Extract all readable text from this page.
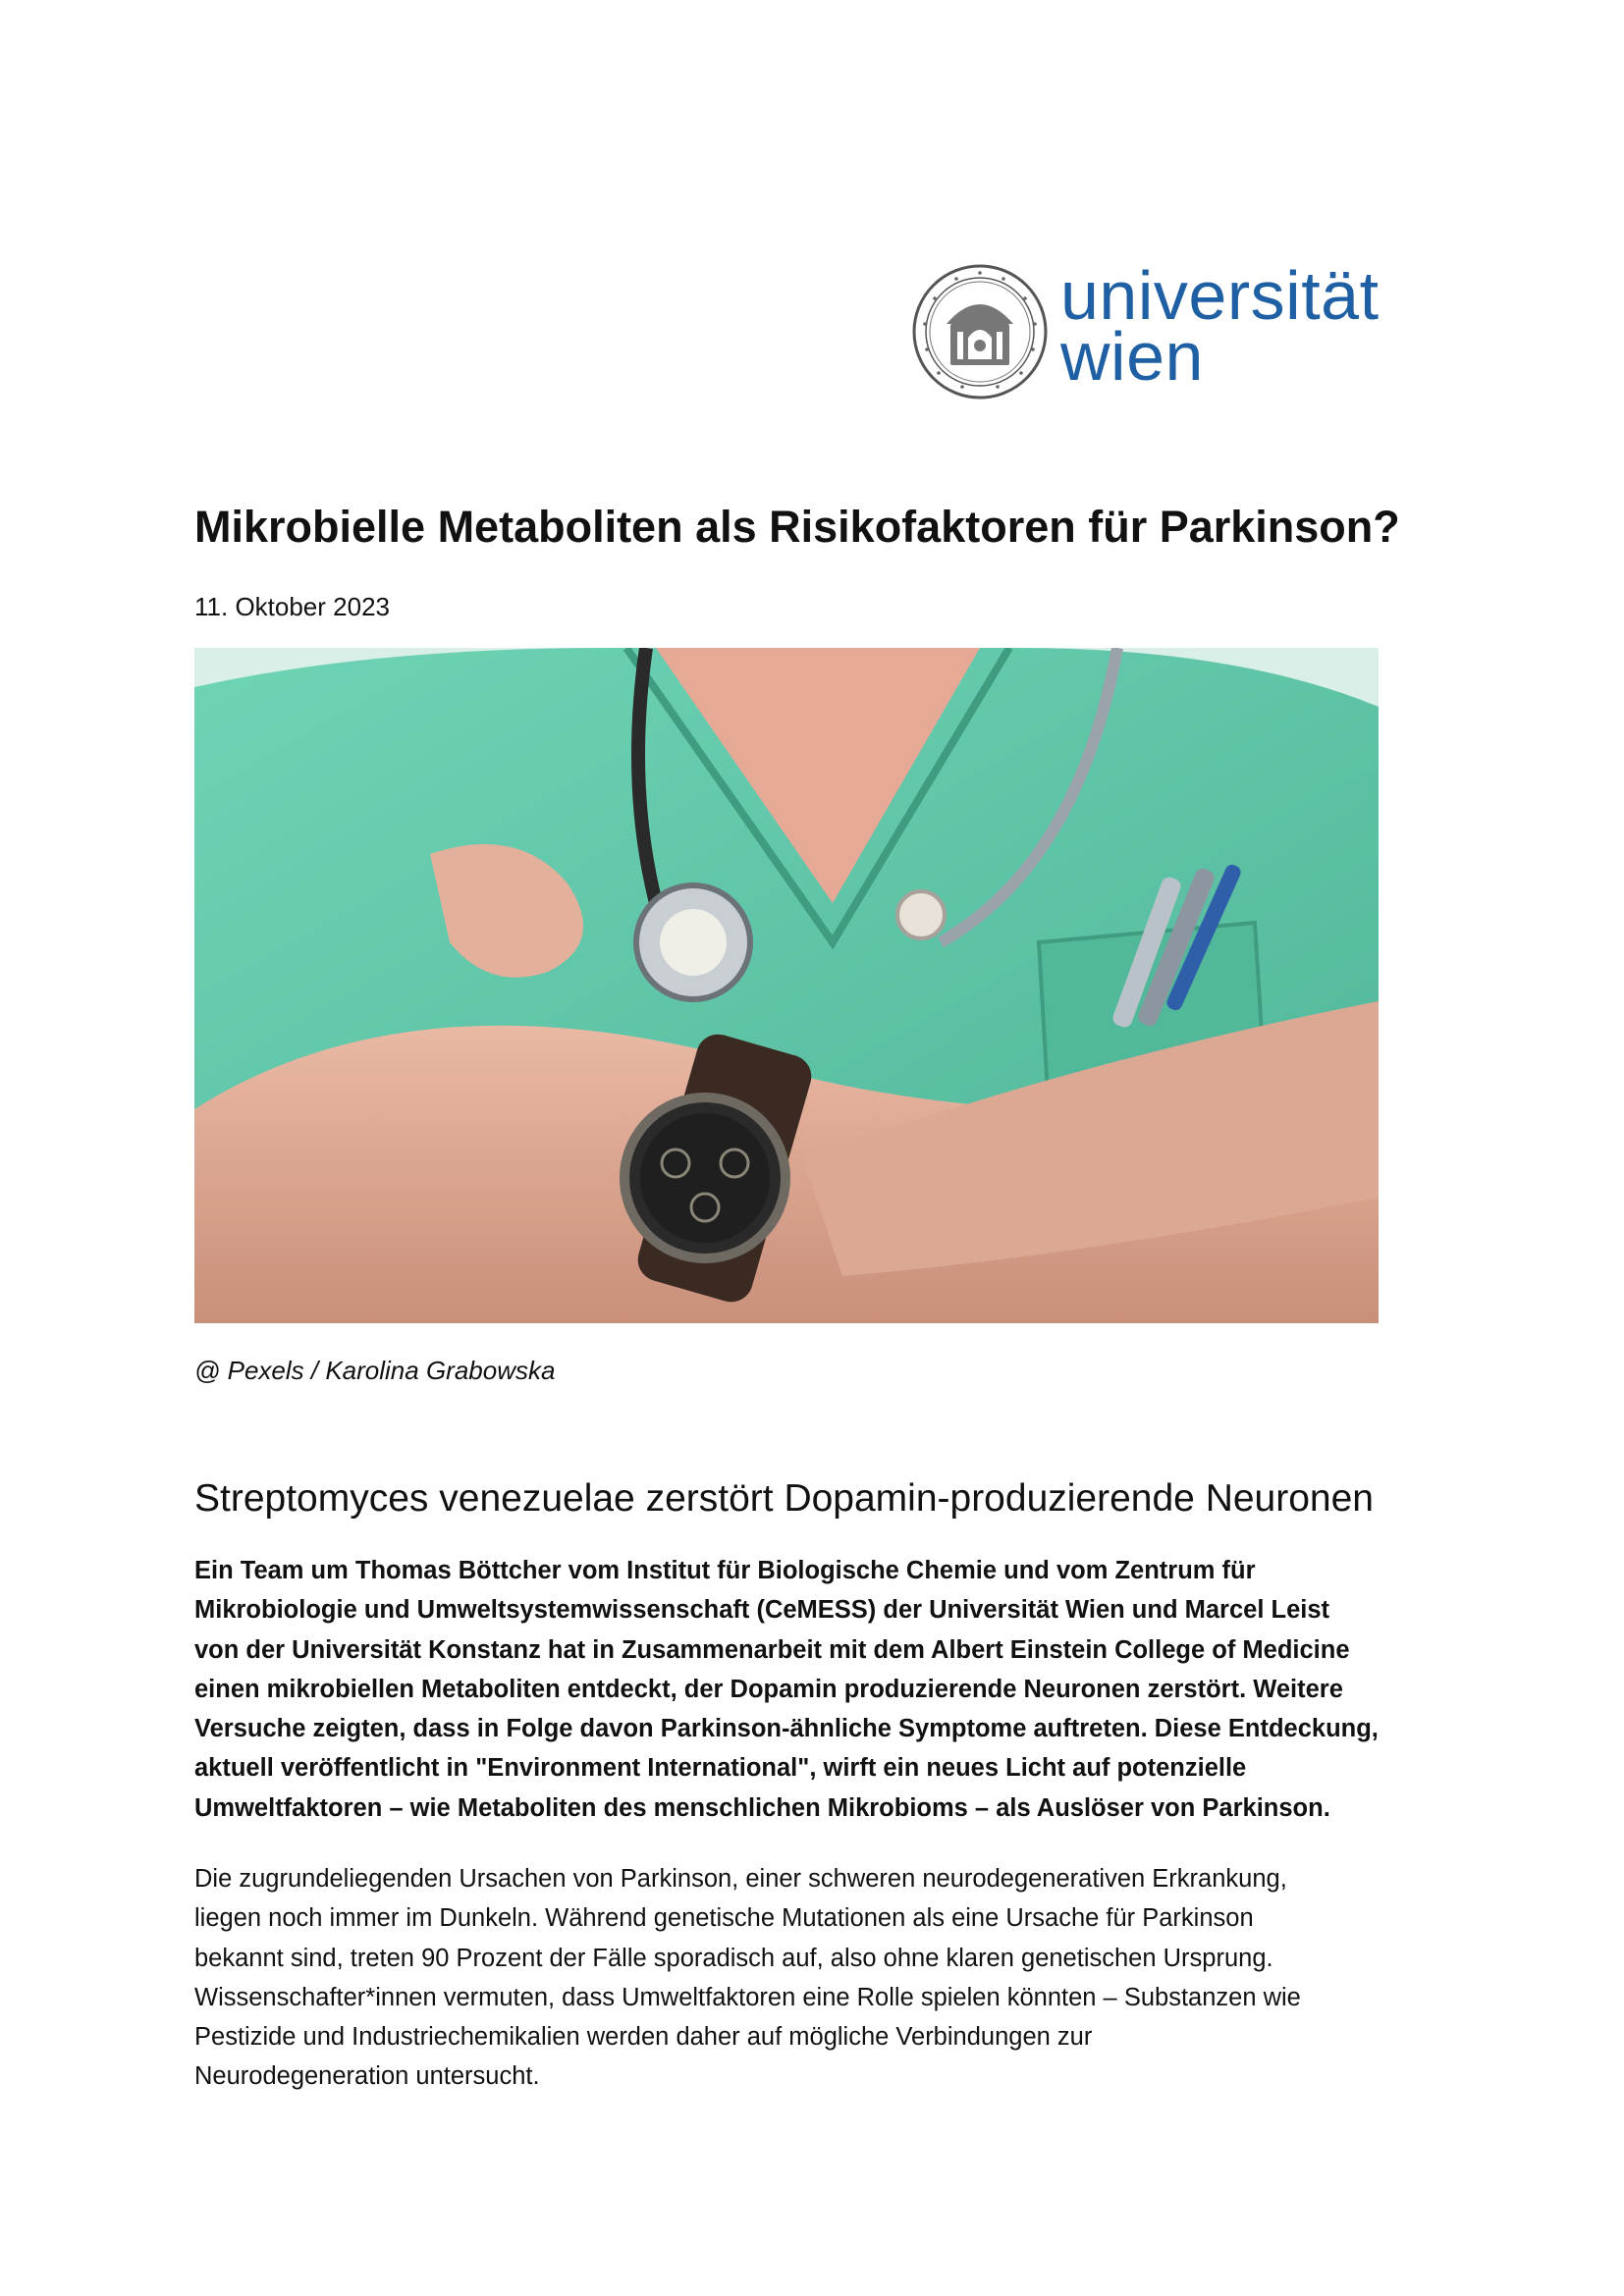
universität
wien
Mikrobielle Metaboliten als Risikofaktoren für Parkinson?
11. Oktober 2023
@ Pexels / Karolina Grabowska
Streptomyces venezuelae zerstört Dopamin-produzierende Neuronen

Ein Team um Thomas Böttcher vom Institut für Biologische Chemie und vom Zentrum für
Mikrobiologie und Umweltsystemwissenschaft (CeMESS) der Universität Wien und Marcel Leist
von der Universität Konstanz hat in Zusammenarbeit mit dem Albert Einstein College of Medicine
einen mikrobiellen Metaboliten entdeckt, der Dopamin produzierende Neuronen zerstört. Weitere
Versuche zeigten, dass in Folge davon Parkinson-ähnliche Symptome auftreten. Diese Entdeckung,
aktuell veröffentlicht in "Environment International", wirft ein neues Licht auf potenzielle
Umweltfaktoren – wie Metaboliten des menschlichen Mikrobioms – als Auslöser von Parkinson.

Die zugrundeliegenden Ursachen von Parkinson, einer schweren neurodegenerativen Erkrankung,
liegen noch immer im Dunkeln. Während genetische Mutationen als eine Ursache für Parkinson
bekannt sind, treten 90 Prozent der Fälle sporadisch auf, also ohne klaren genetischen Ursprung.
Wissenschafter*innen vermuten, dass Umweltfaktoren eine Rolle spielen könnten – Substanzen wie
Pestizide und Industriechemikalien werden daher auf mögliche Verbindungen zur
Neurodegeneration untersucht.
